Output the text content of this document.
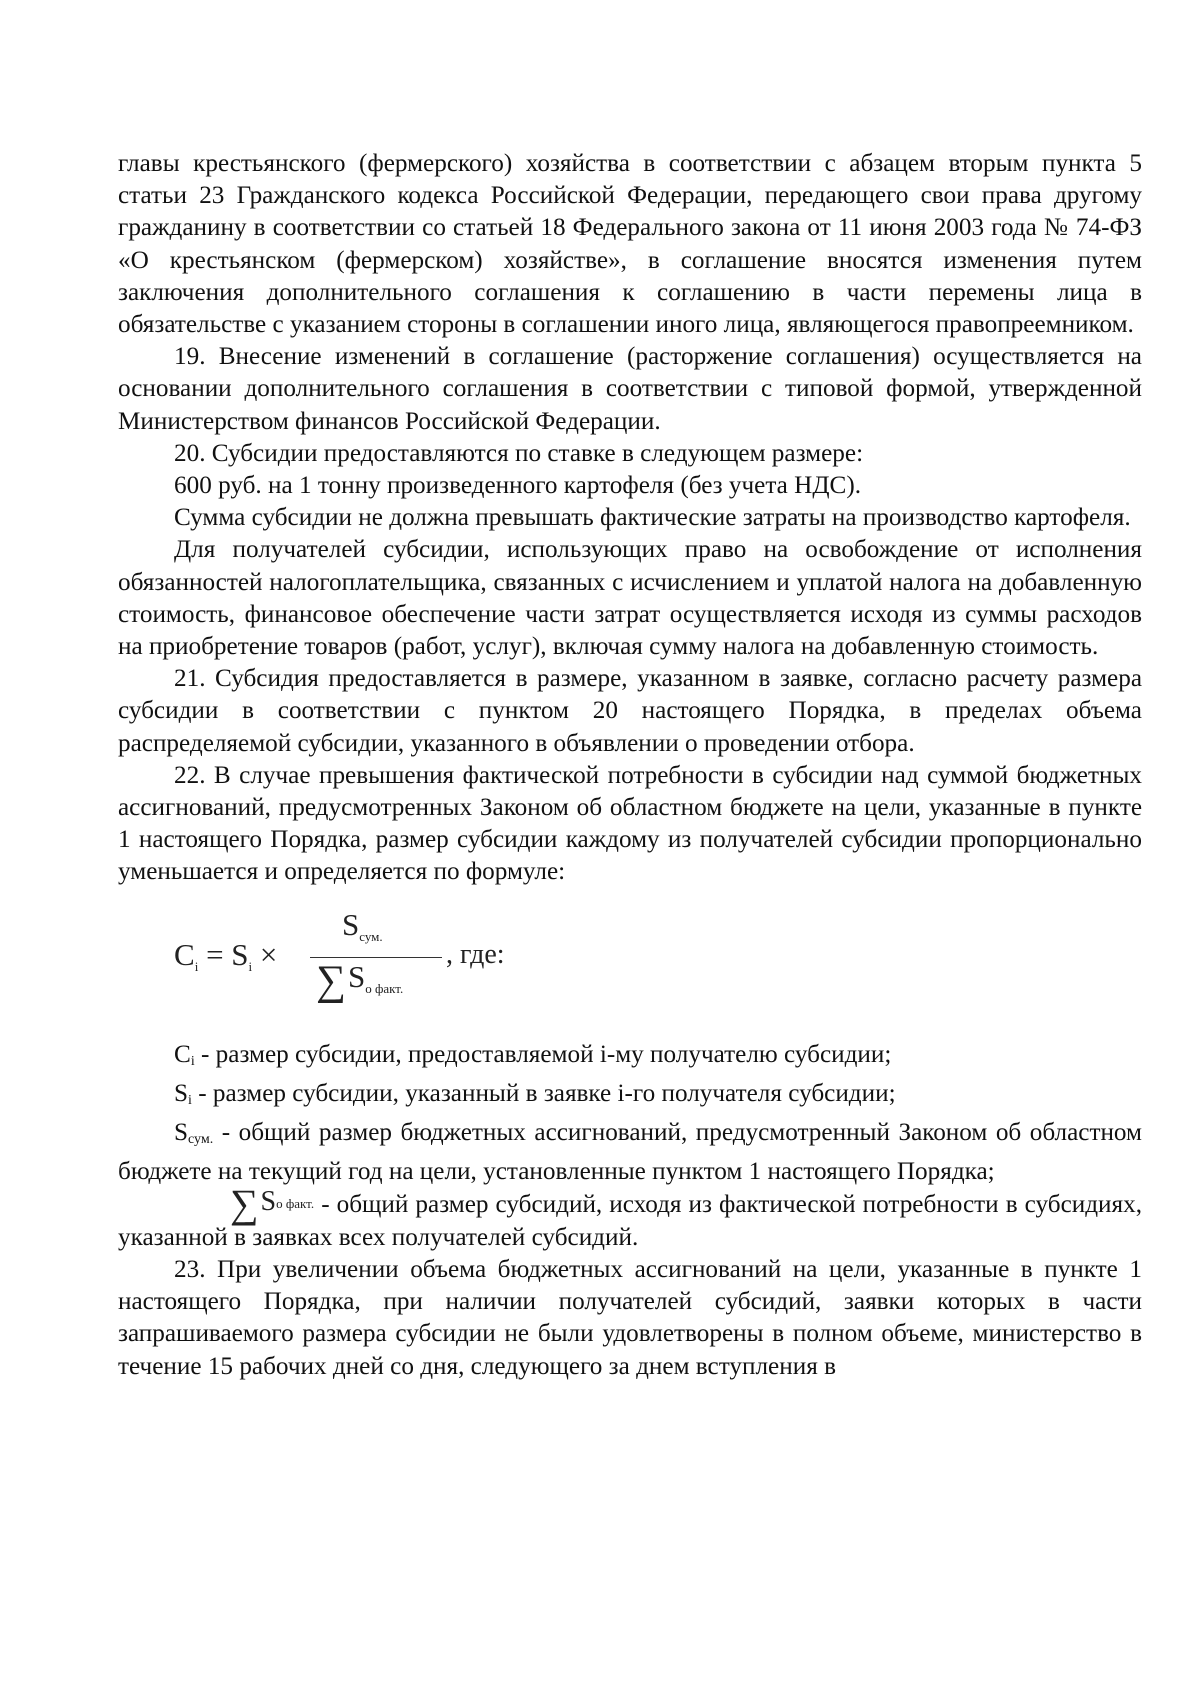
главы крестьянского (фермерского) хозяйства в соответствии с абзацем вторым пункта 5 статьи 23 Гражданского кодекса Российской Федерации, передающего свои права другому гражданину в соответствии со статьей 18 Федерального закона от 11 июня 2003 года № 74-ФЗ «О крестьянском (фермерском) хозяйстве», в соглашение вносятся изменения путем заключения дополнительного соглашения к соглашению в части перемены лица в обязательстве с указанием стороны в соглашении иного лица, являющегося правопреемником.

19. Внесение изменений в соглашение (расторжение соглашения) осуществляется на основании дополнительного соглашения в соответствии с типовой формой, утвержденной Министерством финансов Российской Федерации.

20. Субсидии предоставляются по ставке в следующем размере:

600 руб. на 1 тонну произведенного картофеля (без учета НДС).

Сумма субсидии не должна превышать фактические затраты на производство картофеля.

Для получателей субсидии, использующих право на освобождение от исполнения обязанностей налогоплательщика, связанных с исчислением и уплатой налога на добавленную стоимость, финансовое обеспечение части затрат осуществляется исходя из суммы расходов на приобретение товаров (работ, услуг), включая сумму налога на добавленную стоимость.

21. Субсидия предоставляется в размере, указанном в заявке, согласно расчету размера субсидии в соответствии с пунктом 20 настоящего Порядка, в пределах объема распределяемой субсидии, указанного в объявлении о проведении отбора.

22. В случае превышения фактической потребности в субсидии над суммой бюджетных ассигнований, предусмотренных Законом об областном бюджете на цели, указанные в пункте 1 настоящего Порядка, размер субсидии каждому из получателей субсидии пропорционально уменьшается и определяется по формуле:

Ci = Si ×
Sсум.
∑Sо факт.
, где:

Ci - размер субсидии, предоставляемой i-му получателю субсидии;

Si - размер субсидии, указанный в заявке i-го получателя субсидии;

Sсум. - общий размер бюджетных ассигнований, предусмотренный Законом об областном бюджете на текущий год на цели, установленные пунктом 1 настоящего Порядка;

∑Sо факт. - общий размер субсидий, исходя из фактической потребности в субсидиях, указанной в заявках всех получателей субсидий.

23. При увеличении объема бюджетных ассигнований на цели, указанные в пункте 1 настоящего Порядка, при наличии получателей субсидий, заявки которых в части запрашиваемого размера субсидии не были удовлетворены в полном объеме, министерство в течение 15 рабочих дней со дня, следующего за днем вступления в
